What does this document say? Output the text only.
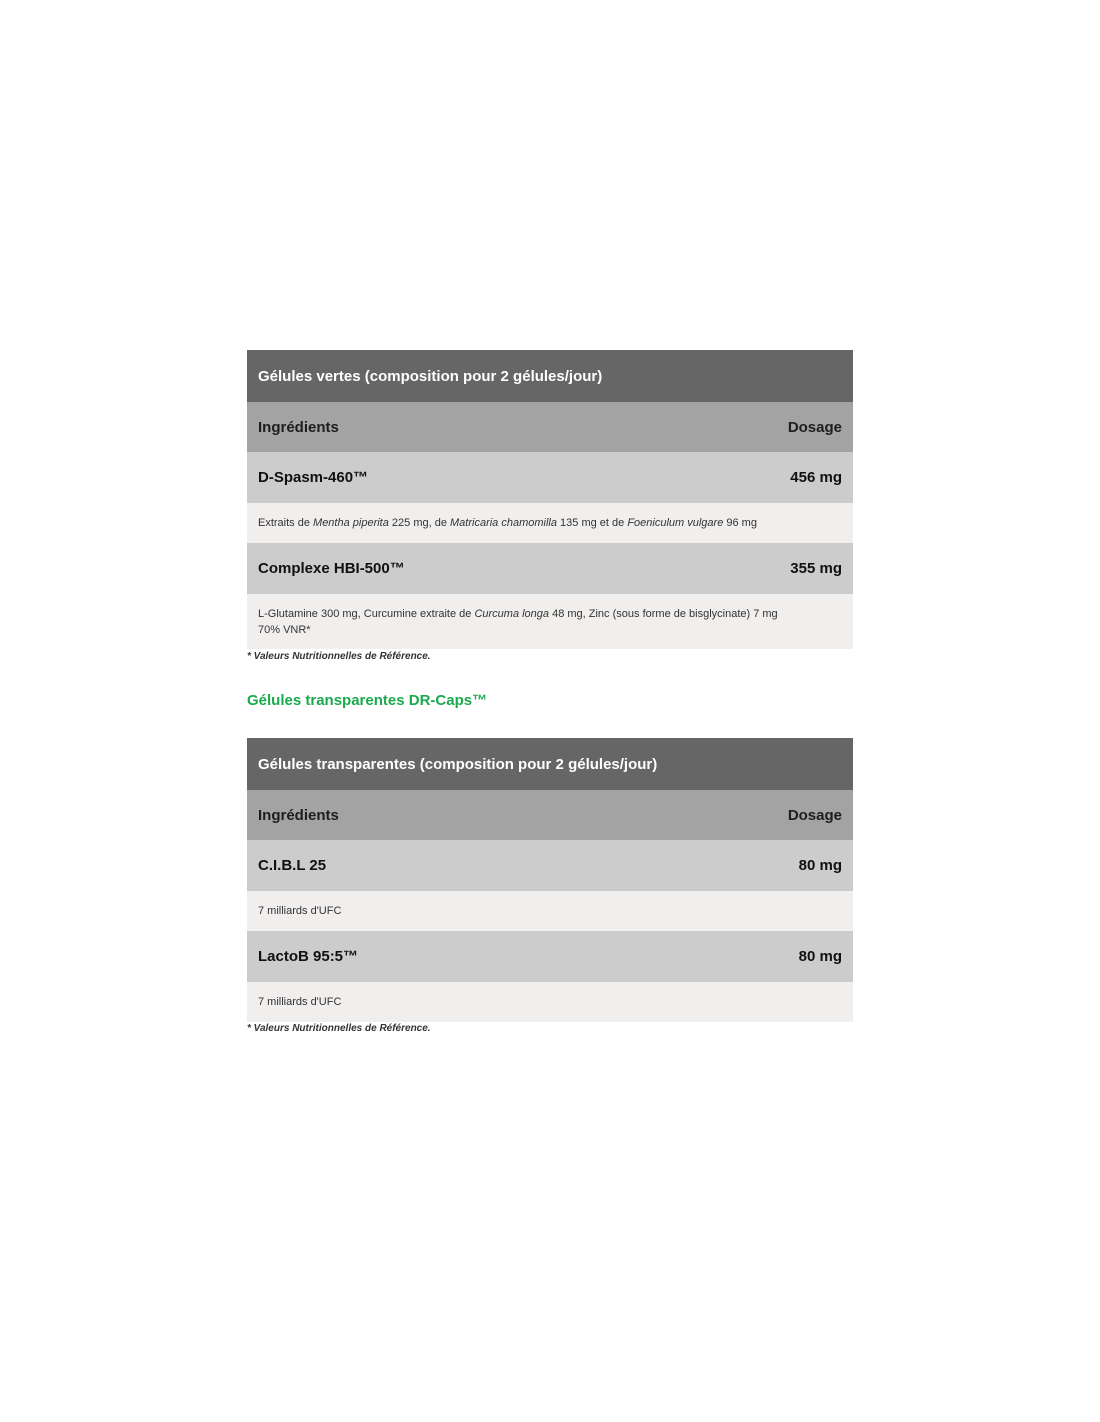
Gélules vertes (composition pour 2 gélules/jour)
Ingrédients	Dosage
D-Spasm-460™	456 mg
Extraits de Mentha piperita 225 mg, de Matricaria chamomilla 135 mg et de Foeniculum vulgare 96 mg
Complexe HBI-500™	355 mg
L-Glutamine 300 mg, Curcumine extraite de Curcuma longa 48 mg, Zinc (sous forme de bisglycinate) 7 mg
70% VNR*
* Valeurs Nutritionnelles de Référence.
Gélules transparentes DR-Caps™
Gélules transparentes (composition pour 2 gélules/jour)
Ingrédients	Dosage
C.I.B.L 25	80 mg
7 milliards d'UFC
LactoB 95:5™	80 mg
7 milliards d'UFC
* Valeurs Nutritionnelles de Référence.
